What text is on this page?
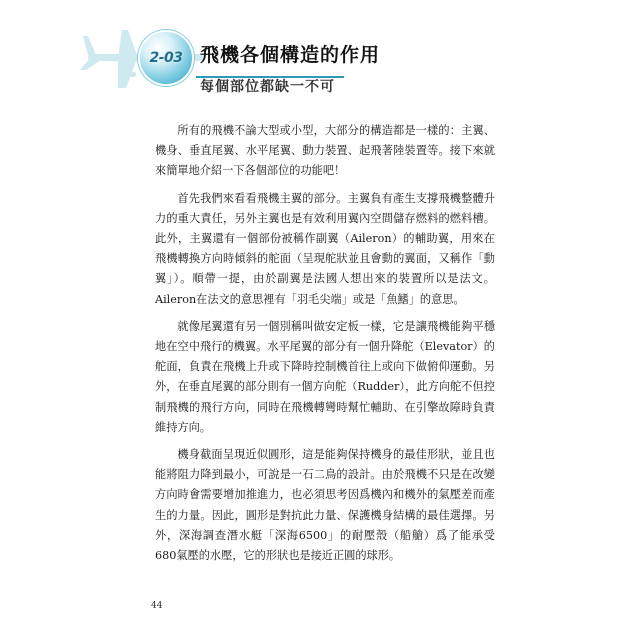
2-03 飛機各個構造的作用
每個部位都缺一不可

所有的飛機不論大型或小型，大部分的構造都是一樣的：主翼、機身、垂直尾翼、水平尾翼、動力裝置、起飛著陸裝置等。接下來就來簡單地介紹一下各個部位的功能吧！

首先我們來看看飛機主翼的部分。主翼負有產生支撐飛機整體升力的重大責任，另外主翼也是有效利用翼內空間儲存燃料的燃料槽。此外，主翼還有一個部份被稱作副翼（Aileron）的輔助翼，用來在飛機轉換方向時傾斜的舵面（呈現舵狀並且會動的翼面，又稱作「動翼」）。順帶一提，由於副翼是法國人想出來的裝置所以是法文。Aileron在法文的意思裡有「羽毛尖端」或是「魚鰭」的意思。

就像尾翼還有另一個別稱叫做安定板一樣，它是讓飛機能夠平穩地在空中飛行的機翼。水平尾翼的部分有一個升降舵（Elevator）的舵面，負責在飛機上升或下降時控制機首往上或向下做俯仰運動。另外，在垂直尾翼的部分則有一個方向舵（Rudder），此方向舵不但控制飛機的飛行方向，同時在飛機轉彎時幫忙輔助、在引擎故障時負責維持方向。

機身截面呈現近似圓形，這是能夠保持機身的最佳形狀，並且也能將阻力降到最小，可說是一石二鳥的設計。由於飛機不只是在改變方向時會需要增加推進力，也必須思考因爲機內和機外的氣壓差而產生的力量。因此，圓形是對抗此力量、保護機身結構的最佳選擇。另外，深海調查潛水艇「深海6500」的耐壓殼（船艙）爲了能承受680氣壓的水壓，它的形狀也是接近正圓的球形。

44
